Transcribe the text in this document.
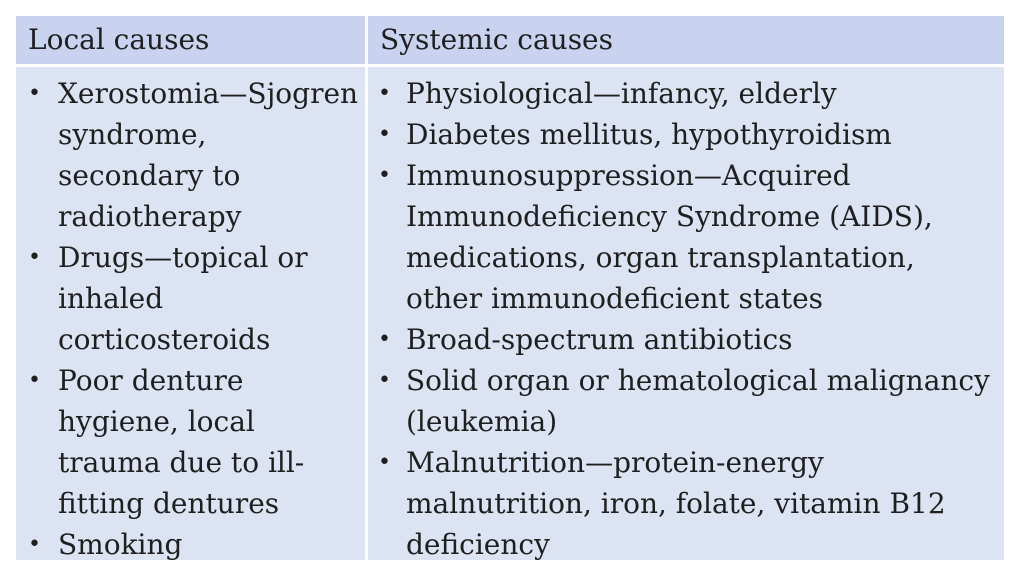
Local causes	Systemic causes
• Xerostomia—Sjogren syndrome, secondary to radiotherapy
• Drugs—topical or inhaled corticosteroids
• Poor denture hygiene, local trauma due to ill-fitting dentures
• Smoking
• Physiological—infancy, elderly
• Diabetes mellitus, hypothyroidism
• Immunosuppression—Acquired Immunodeficiency Syndrome (AIDS), medications, organ transplantation, other immunodeficient states
• Broad-spectrum antibiotics
• Solid organ or hematological malignancy (leukemia)
• Malnutrition—protein-energy malnutrition, iron, folate, vitamin B12 deficiency
